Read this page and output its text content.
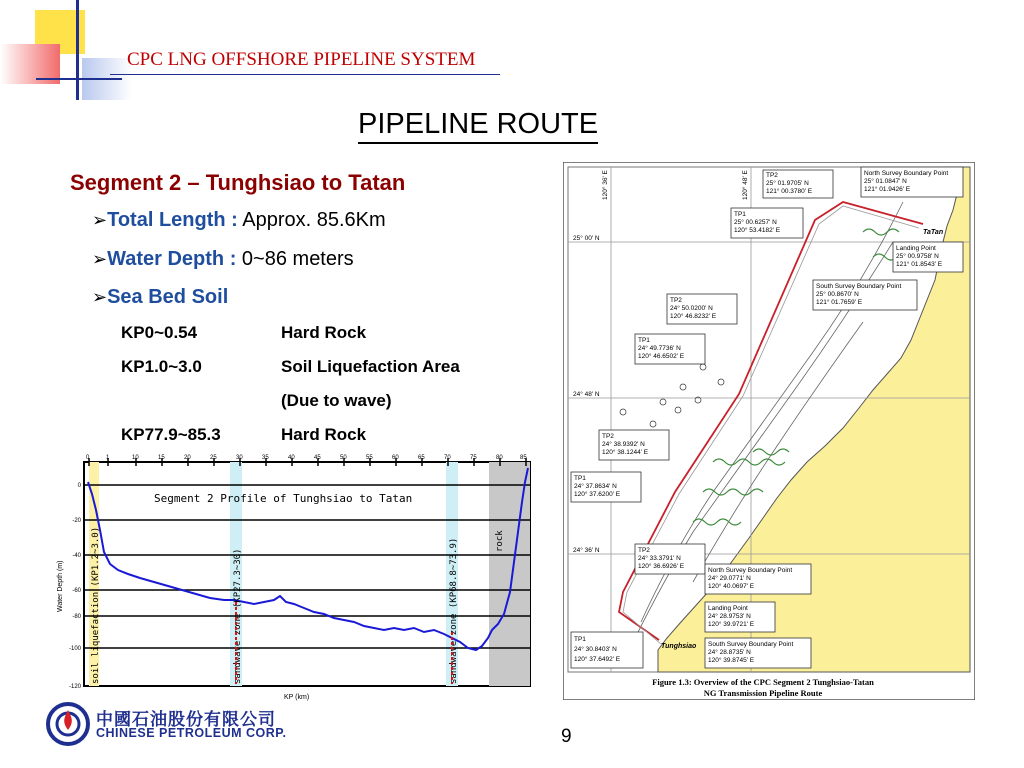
CPC LNG OFFSHORE PIPELINE SYSTEM
PIPELINE ROUTE
Segment 2 – Tunghsiao to Tatan
➢Total Length : Approx. 85.6Km
➢Water Depth : 0~86 meters
➢Sea Bed Soil
KP0~0.54	Hard Rock
KP1.0~3.0	Soil Liquefaction Area
(Due to wave)
KP77.9~85.3	Hard Rock
0	1	10	15	20	25	30	35	40	45	50	55	60	65	70	75	80	85
0
-20
-40
-60
-80
-100
-120
Water Depth (m)
KP (km)
Segment 2 Profile of Tunghsiao to Tatan
soil liquefaction (KP1.2~3.0)	sandwave zone (KP27.3~30)	sandwave zone (KP68.8~73.9)	rock
120° 36' E	120° 48' E
25° 00' N
24° 48' N
24° 36' N
TaTan
Tunghsiao
TP2
25° 01.9705' N
121° 00.3780' E
North Survey Boundary Point
25° 01.0847' N
121° 01.9426' E
TP1
25° 00.6257' N
120° 53.4182' E
Landing Point
25° 00.9758' N
121° 01.8543' E
South Survey Boundary Point
25° 00.8670' N
121° 01.7659' E
TP2
24° 50.0200' N
120° 46.8232' E
TP1
24° 49.7736' N
120° 46.6502' E
TP2
24° 38.9392' N
120° 38.1244' E
TP1
24° 37.8634' N
120° 37.6200' E
TP2
24° 33.3791' N
120° 36.6926' E
North Survey Boundary Point
24° 29.0771' N
120° 40.0697' E
Landing Point
24° 28.9753' N
120° 39.9721' E
TP1
24° 30.8403' N
120° 37.6492' E
South Survey Boundary Point
24° 28.8735' N
120° 39.8745' E
Figure 1.3: Overview of the CPC Segment 2 Tunghsiao-Tatan
NG Transmission Pipeline Route
中國石油股份有限公司
CHINESE PETROLEUM CORP.	9
